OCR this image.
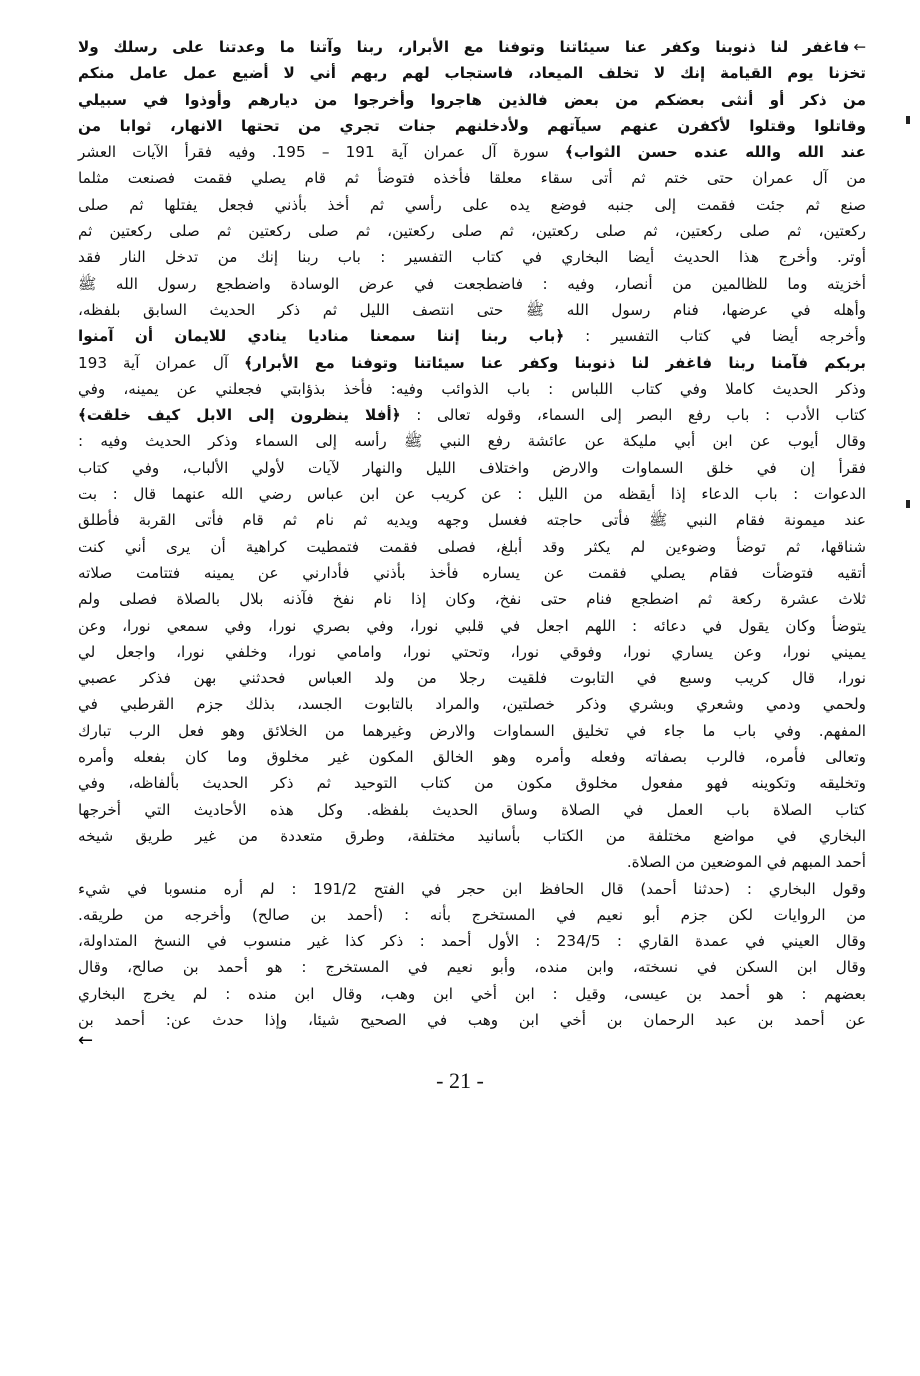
←فاغفر لنا ذنوبنا وكفر عنا سيئاتنا وتوفنا مع الأبرار، ربنا وآتنا ما وعدتنا على رسلك ولا
تخزنا يوم القيامة إنك لا تخلف الميعاد، فاستجاب لهم ربهم أني لا أضيع عمل عامل منكم
من ذكر أو أنثى بعضكم من بعض فالذين هاجروا وأخرجوا من ديارهم وأوذوا في سبيلي
وقاتلوا وقتلوا لأكفرن عنهم سيآتهم ولأدخلنهم جنات تجري من تحتها الانهار، ثوابا من
عند الله والله عنده حسن الثواب﴾ سورة آل عمران آية 191 – 195. وفيه فقرأ الآيات العشر
من آل عمران حتى ختم ثم أتى سقاء معلقا فأخذه فتوضأ ثم قام يصلي فقمت فصنعت مثلما
صنع ثم جئت فقمت إلى جنبه فوضع يده على رأسي ثم أخذ بأذني فجعل يفتلها ثم صلى
ركعتين، ثم صلى ركعتين، ثم صلى ركعتين، ثم صلى ركعتين، ثم صلى ركعتين ثم صلى ركعتين ثم
أوتر. وأخرج هذا الحديث أيضا البخاري في كتاب التفسير : باب ربنا إنك من تدخل النار فقد
أخزيته وما للظالمين من أنصار، وفيه : فاضطجعت في عرض الوسادة واضطجع رسول الله ﷺ
وأهله في عرضها، فنام رسول الله ﷺ حتى انتصف الليل ثم ذكر الحديث السابق بلفظه،
وأخرجه أيضا في كتاب التفسير : ﴿باب ربنا إننا سمعنا مناديا ينادي للايمان أن آمنوا
بربكم فآمنا ربنا فاغفر لنا ذنوبنا وكفر عنا سيئاتنا وتوفنا مع الأبرار﴾ آل عمران آية 193
وذكر الحديث كاملا وفي كتاب اللباس : باب الذوائب وفيه: فأخذ بذؤابتي فجعلني عن يمينه، وفي
كتاب الأدب : باب رفع البصر إلى السماء، وقوله تعالى : ﴿أفلا ينظرون إلى الابل كيف خلقت﴾
وقال أيوب عن ابن أبي مليكة عن عائشة رفع النبي ﷺ رأسه إلى السماء وذكر الحديث وفيه :
فقرأ إن في خلق السماوات والارض واختلاف الليل والنهار لآيات لأولي الألباب، وفي كتاب
الدعوات : باب الدعاء إذا أيقظه من الليل : عن كريب عن ابن عباس رضي الله عنهما قال : بت
عند ميمونة فقام النبي ﷺ فأتى حاجته فغسل وجهه ويديه ثم نام ثم قام فأتى القربة فأطلق
شناقها، ثم توضأ وضوءين لم يكثر وقد أبلغ، فصلى فقمت فتمطيت كراهية أن يرى أني كنت
أتقيه فتوضأت فقام يصلي فقمت عن يساره فأخذ بأذني فأدارني عن يمينه فتتامت صلاته
ثلاث عشرة ركعة ثم اضطجع فنام حتى نفخ، وكان إذا نام نفخ فآذنه بلال بالصلاة فصلى ولم
يتوضأ وكان يقول في دعائه : اللهم اجعل في قلبي نورا، وفي بصري نورا، وفي سمعي نورا، وعن
يميني نورا، وعن يساري نورا، وفوقي نورا، وتحتي نورا، وامامي نورا، وخلفي نورا، واجعل لي
نورا، قال كريب وسبع في التابوت فلقيت رجلا من ولد العباس فحدثني بهن فذكر عصبي
ولحمي ودمي وشعري وبشري وذكر خصلتين، والمراد بالتابوت الجسد، بذلك جزم القرطبي في
المفهم. وفي باب ما جاء في تخليق السماوات والارض وغيرهما من الخلائق وهو فعل الرب تبارك
وتعالى فأمره، فالرب بصفاته وفعله وأمره وهو الخالق المكون غير مخلوق وما كان بفعله وأمره
وتخليقه وتكوينه فهو مفعول مخلوق مكون من كتاب التوحيد ثم ذكر الحديث بألفاظه، وفي
كتاب الصلاة باب العمل في الصلاة وساق الحديث بلفظه. وكل هذه الأحاديث التي أخرجها
البخاري في مواضع مختلفة من الكتاب بأسانيد مختلفة، وطرق متعددة من غير طريق شيخه
أحمد المبهم في الموضعين من الصلاة.
وقول البخاري : (حدثنا أحمد) قال الحافظ ابن حجر في الفتح 191/2 : لم أره منسوبا في شيء
من الروايات لكن جزم أبو نعيم في المستخرج بأنه : (أحمد بن صالح) وأخرجه من طريقه.
وقال العيني في عمدة القاري : 234/5 : الأول أحمد : ذكر كذا غير منسوب في النسخ المتداولة،
وقال ابن السكن في نسخته، وابن منده، وأبو نعيم في المستخرج : هو أحمد بن صالح، وقال
بعضهم : هو أحمد بن عيسى، وقيل : ابن أخي ابن وهب، وقال ابن منده : لم يخرج البخاري
عن أحمد بن عبد الرحمان بن أخي ابن وهب في الصحيح شيئا، وإذا حدث عن: أحمد بن
←
- 21 -
